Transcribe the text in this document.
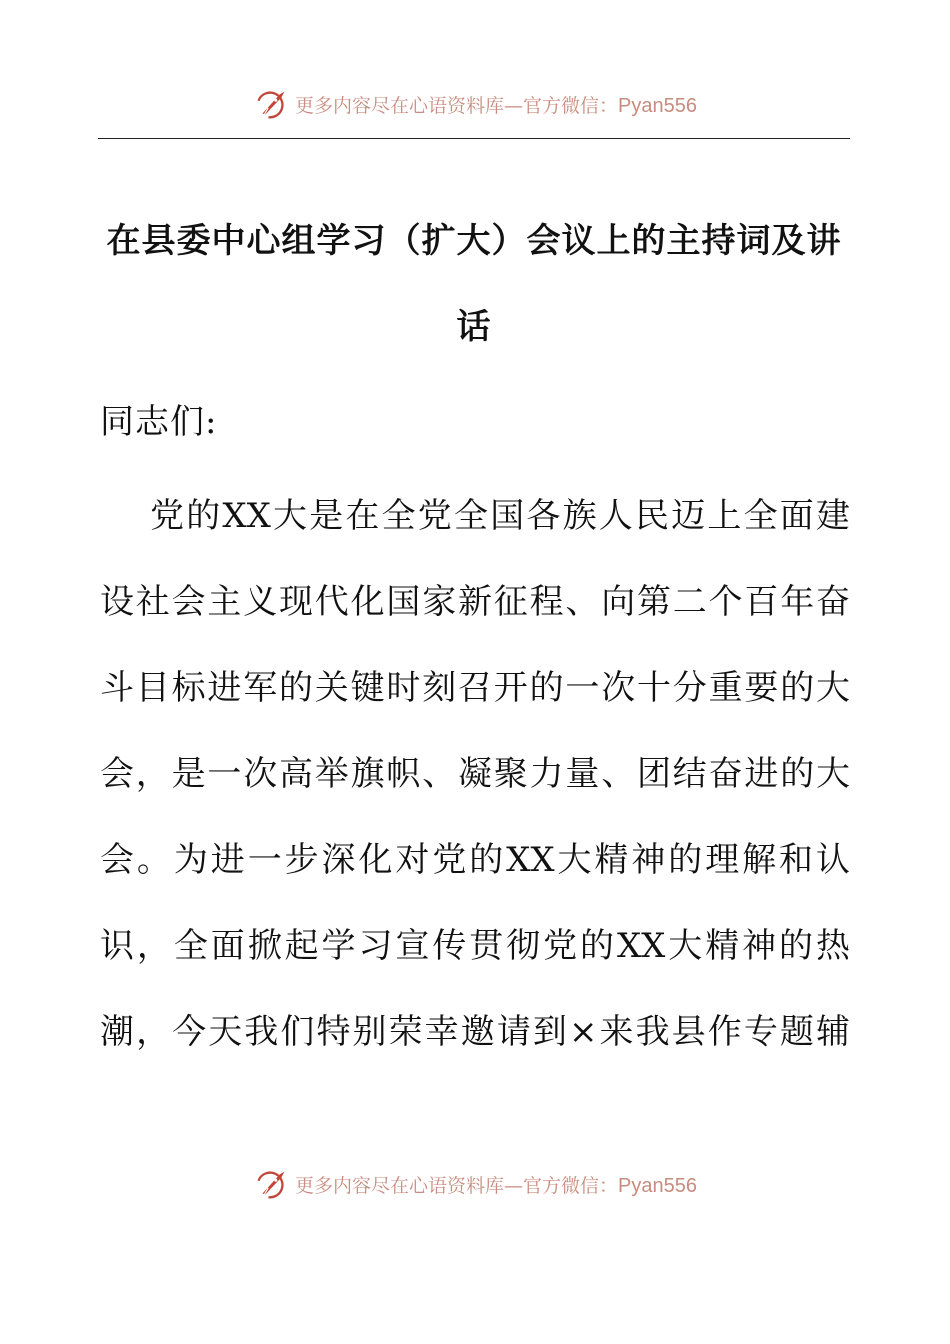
更多内容尽在心语资料库—官方微信：Pyan556
在县委中心组学习（扩大）会议上的主持词及讲话

同志们:

党的XX大是在全党全国各族人民迈上全面建
设社会主义现代化国家新征程、向第二个百年奋
斗目标进军的关键时刻召开的一次十分重要的大
会，是一次高举旗帜、凝聚力量、团结奋进的大
会。为进一步深化对党的XX大精神的理解和认
识，全面掀起学习宣传贯彻党的XX大精神的热
潮，今天我们特别荣幸邀请到×来我县作专题辅
更多内容尽在心语资料库—官方微信：Pyan556
